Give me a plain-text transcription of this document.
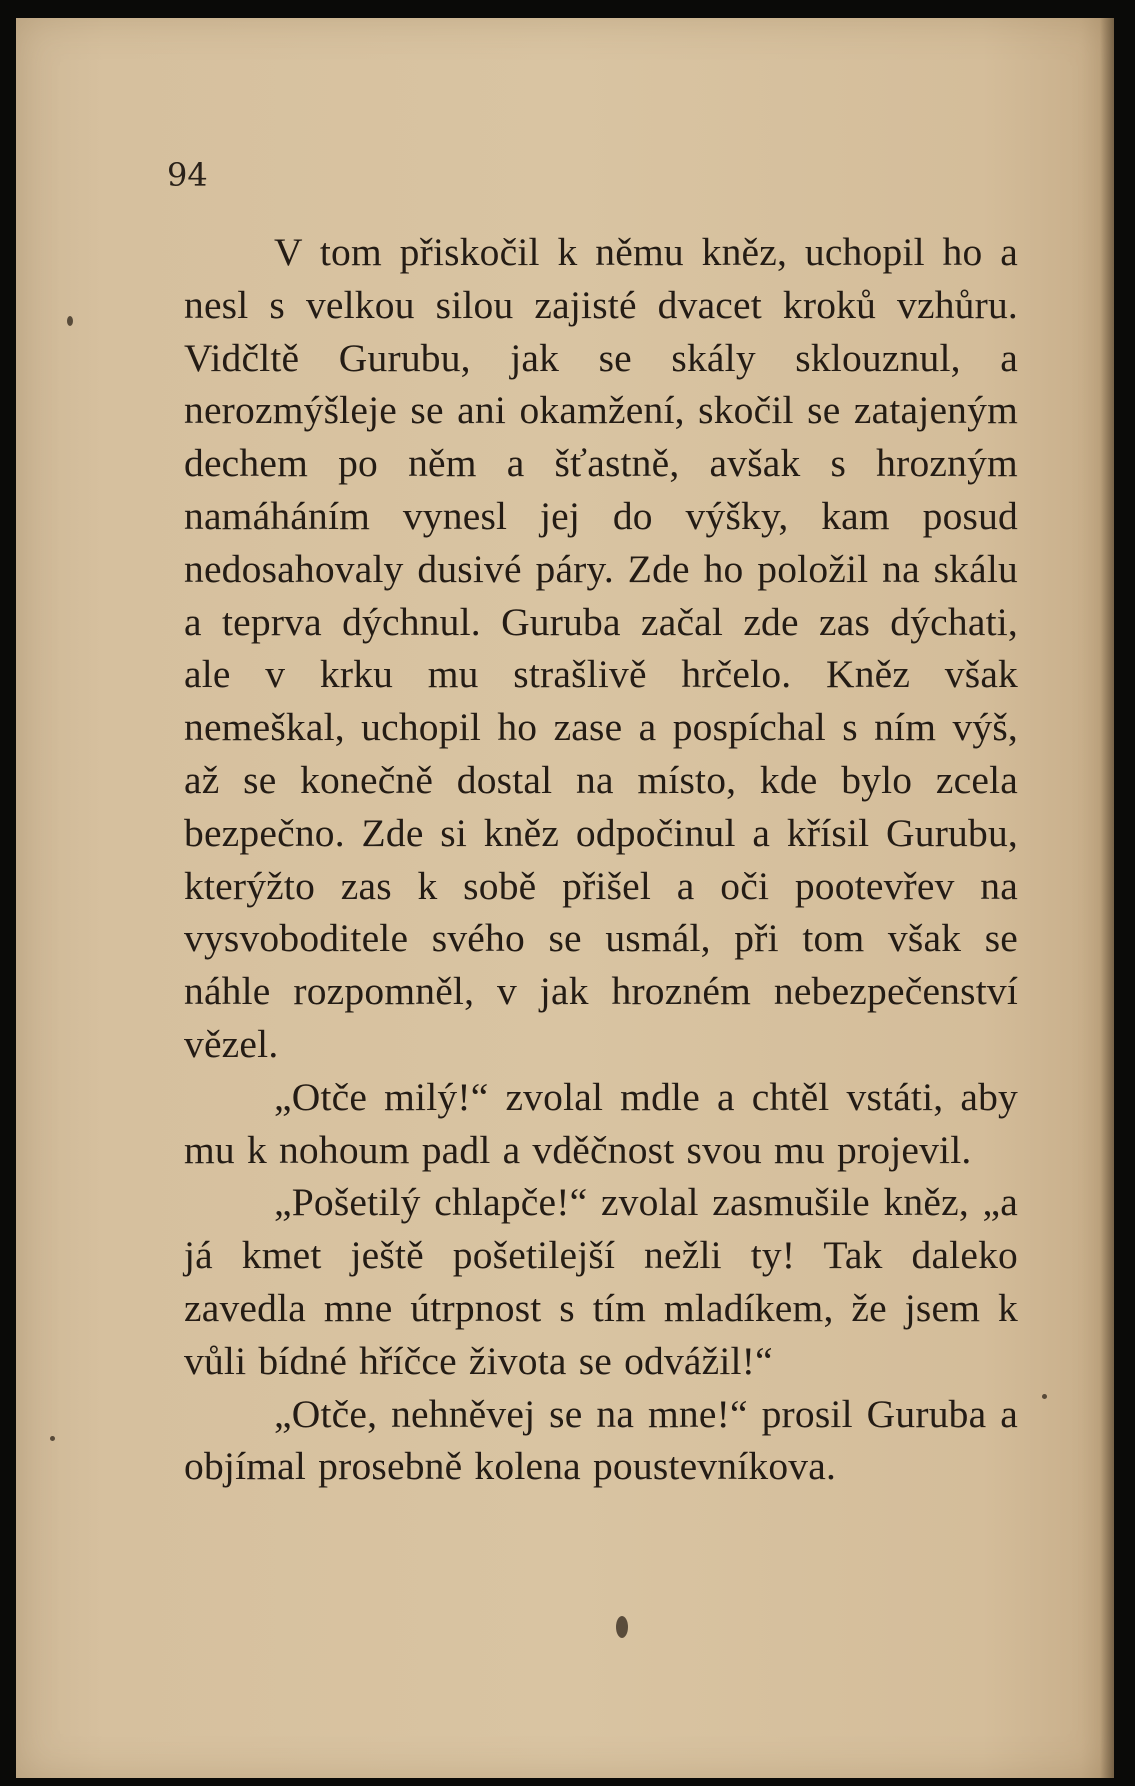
94

V tom přiskočil k němu kněz, uchopil ho a nesl s velkou silou zajisté dvacet kroků vzhůru. Vidčltě Gurubu, jak se skály sklouznul, a nerozmýšleje se ani okamžení, skočil se zatajeným dechem po něm a šťastně, avšak s hrozným namáháním vynesl jej do výšky, kam posud nedosahovaly dusivé páry. Zde ho položil na skálu a teprva dýchnul. Guruba začal zde zas dýchati, ale v krku mu strašlivě hrčelo. Kněz však nemeškal, uchopil ho zase a pospíchal s ním výš, až se konečně dostal na místo, kde bylo zcela bezpečno. Zde si kněz odpočinul a křísil Gurubu, kterýžto zas k sobě přišel a oči pootevřev na vysvoboditele svého se usmál, při tom však se náhle rozpomněl, v jak hrozném nebezpečenství vězel.

„Otče milý!“ zvolal mdle a chtěl vstáti, aby mu k nohoum padl a vděčnost svou mu projevil.

„Pošetilý chlapče!“ zvolal zasmušile kněz, „a já kmet ještě pošetilejší nežli ty! Tak daleko zavedla mne útrpnost s tím mladíkem, že jsem k vůli bídné hříčce života se odvážil!“

„Otče, nehněvej se na mne!“ prosil Guruba a objímal prosebně kolena poustevníkova.
